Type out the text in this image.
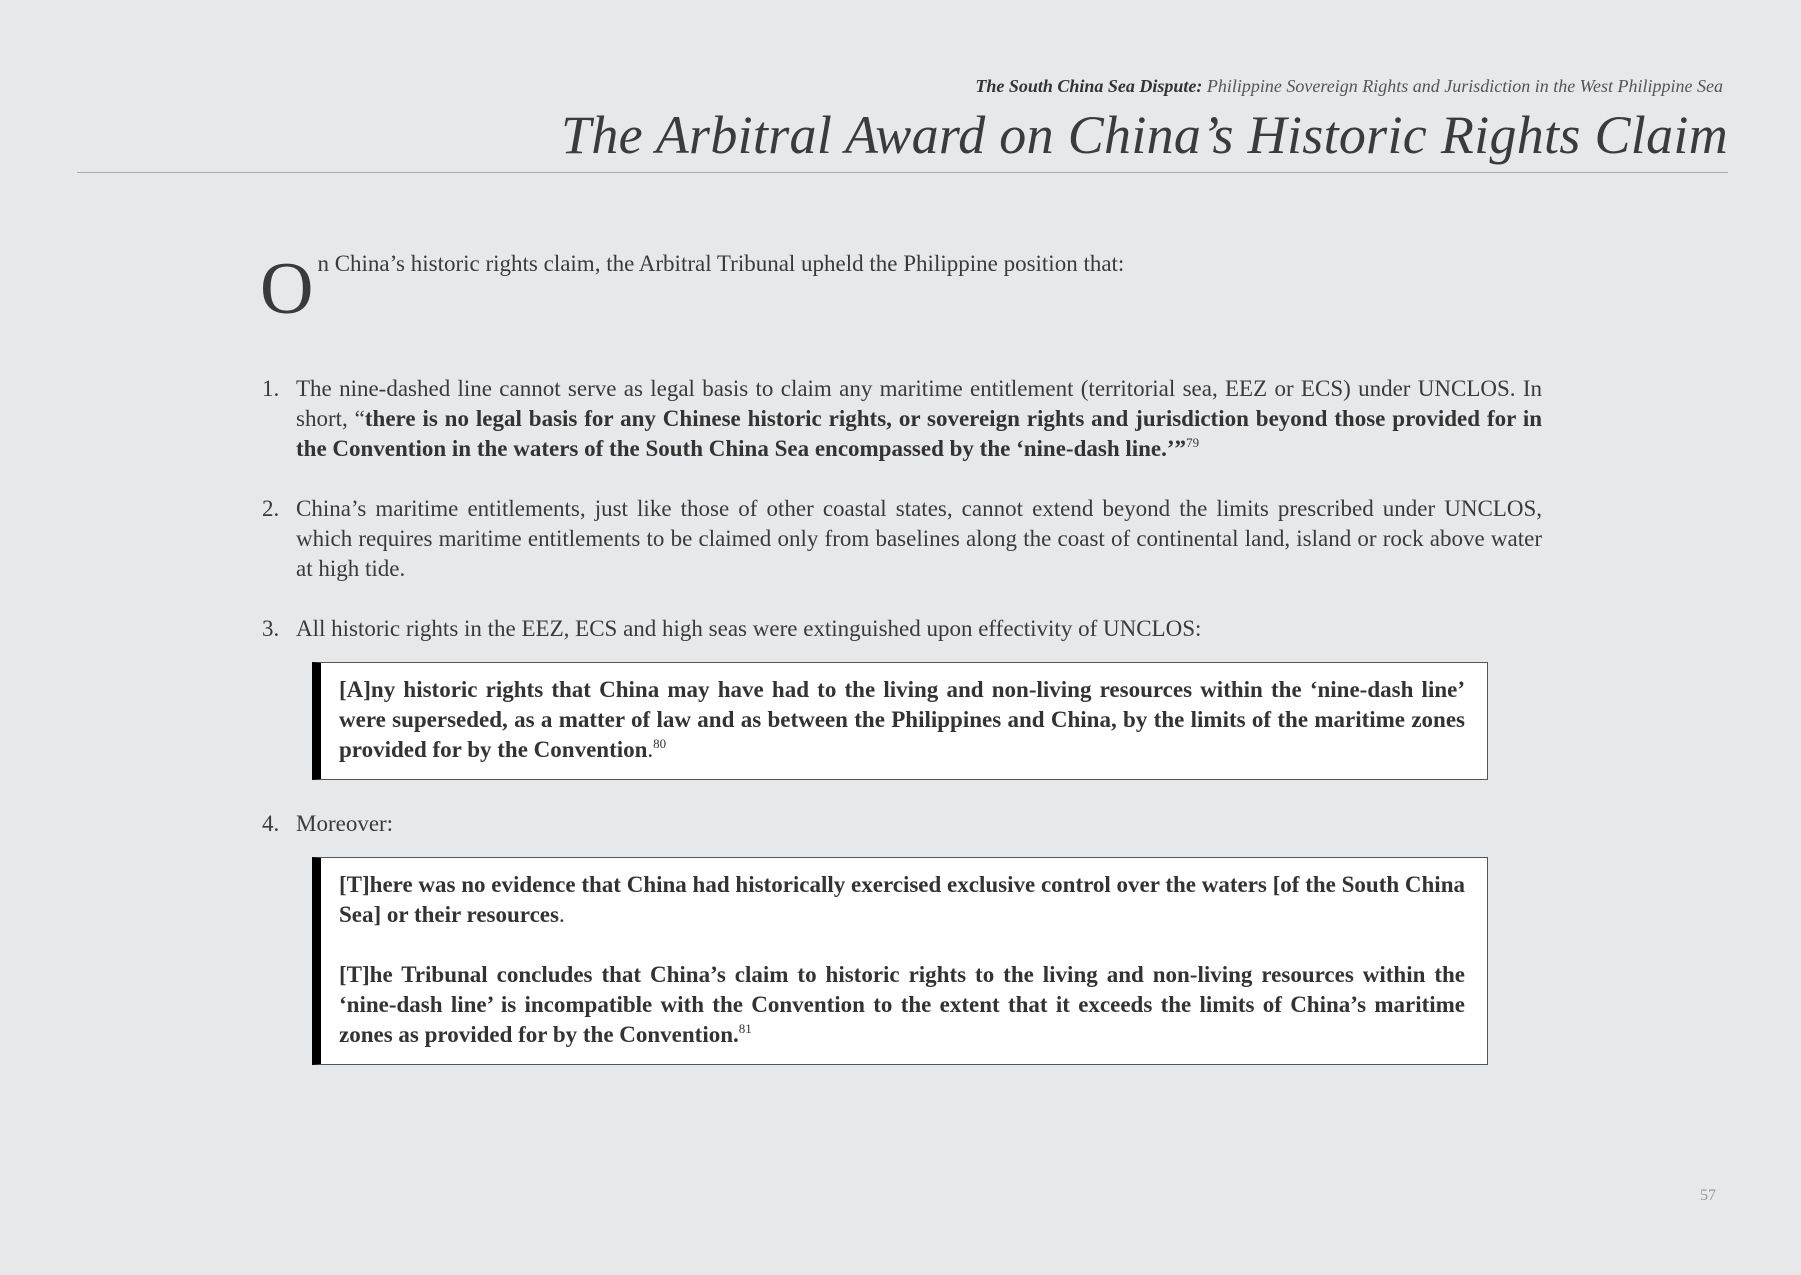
The South China Sea Dispute: Philippine Sovereign Rights and Jurisdiction in the West Philippine Sea
The Arbitral Award on China’s Historic Rights Claim
On China’s historic rights claim, the Arbitral Tribunal upheld the Philippine position that:
1. The nine-dashed line cannot serve as legal basis to claim any maritime entitlement (territorial sea, EEZ or ECS) under UNCLOS. In short, “there is no legal basis for any Chinese historic rights, or sovereign rights and jurisdiction beyond those provided for in the Convention in the waters of the South China Sea encompassed by the ‘nine-dash line.’”$^{79}$
2. China’s maritime entitlements, just like those of other coastal states, cannot extend beyond the limits prescribed under UNCLOS, which requires maritime entitlements to be claimed only from baselines along the coast of continental land, island or rock above water at high tide.
3. All historic rights in the EEZ, ECS and high seas were extinguished upon effectivity of UNCLOS:

[A]ny historic rights that China may have had to the living and non-living resources within the ‘nine-dash line’ were superseded, as a matter of law and as between the Philippines and China, by the limits of the maritime zones provided for by the Convention.$^{80}$

4. Moreover:

[T]here was no evidence that China had historically exercised exclusive control over the waters [of the South China Sea] or their resources.

[T]he Tribunal concludes that China’s claim to historic rights to the living and non-living resources within the ‘nine-dash line’ is incompatible with the Convention to the extent that it exceeds the limits of China’s maritime zones as provided for by the Convention.$^{81}$

57
